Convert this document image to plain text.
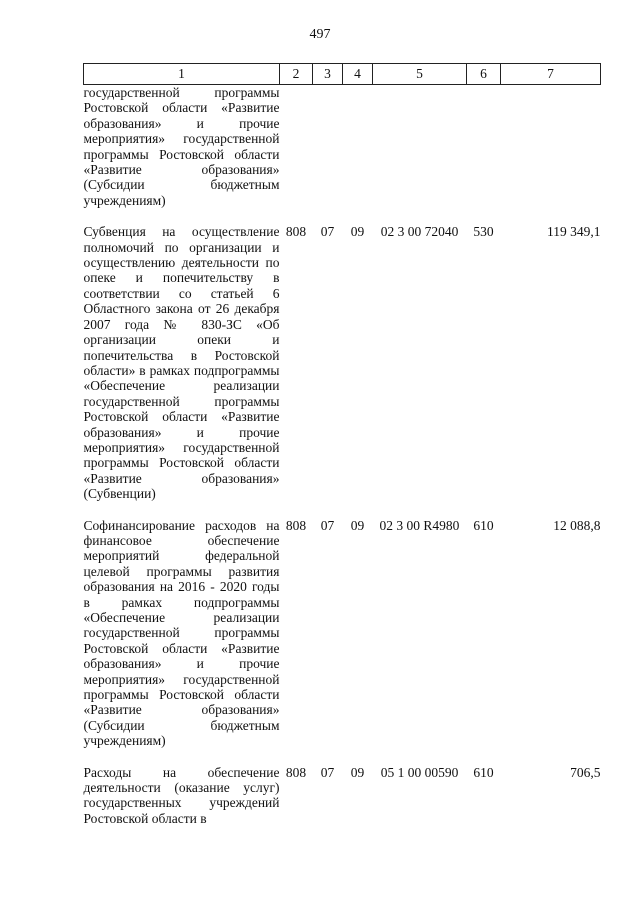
497
1	2	3	4	5	6	7
государственной программы Ростовской области «Развитие образования» и прочие мероприятия» государственной программы Ростовской области «Развитие образования» (Субсидии бюджетным учреждениям)						
Субвенция на осуществление полномочий по организации и осуществлению деятельности по опеке и попечительству в соответствии со статьей 6 Областного закона от 26 декабря 2007 года № 830-ЗС «Об организации опеки и попечительства в Ростовской области» в рамках подпрограммы «Обеспечение реализации государственной программы Ростовской области «Развитие образования» и прочие мероприятия» государственной программы Ростовской области «Развитие образования» (Субвенции)	808	07	09	02 3 00 72040	530	119 349,1
Софинансирование расходов на финансовое обеспечение мероприятий федеральной целевой программы развития образования на 2016 - 2020 годы в рамках подпрограммы «Обеспечение реализации государственной программы Ростовской области «Развитие образования» и прочие мероприятия» государственной программы Ростовской области «Развитие образования» (Субсидии бюджетным учреждениям)	808	07	09	02 3 00 R4980	610	12 088,8
Расходы на обеспечение деятельности (оказание услуг) государственных учреждений Ростовской области в	808	07	09	05 1 00 00590	610	706,5
